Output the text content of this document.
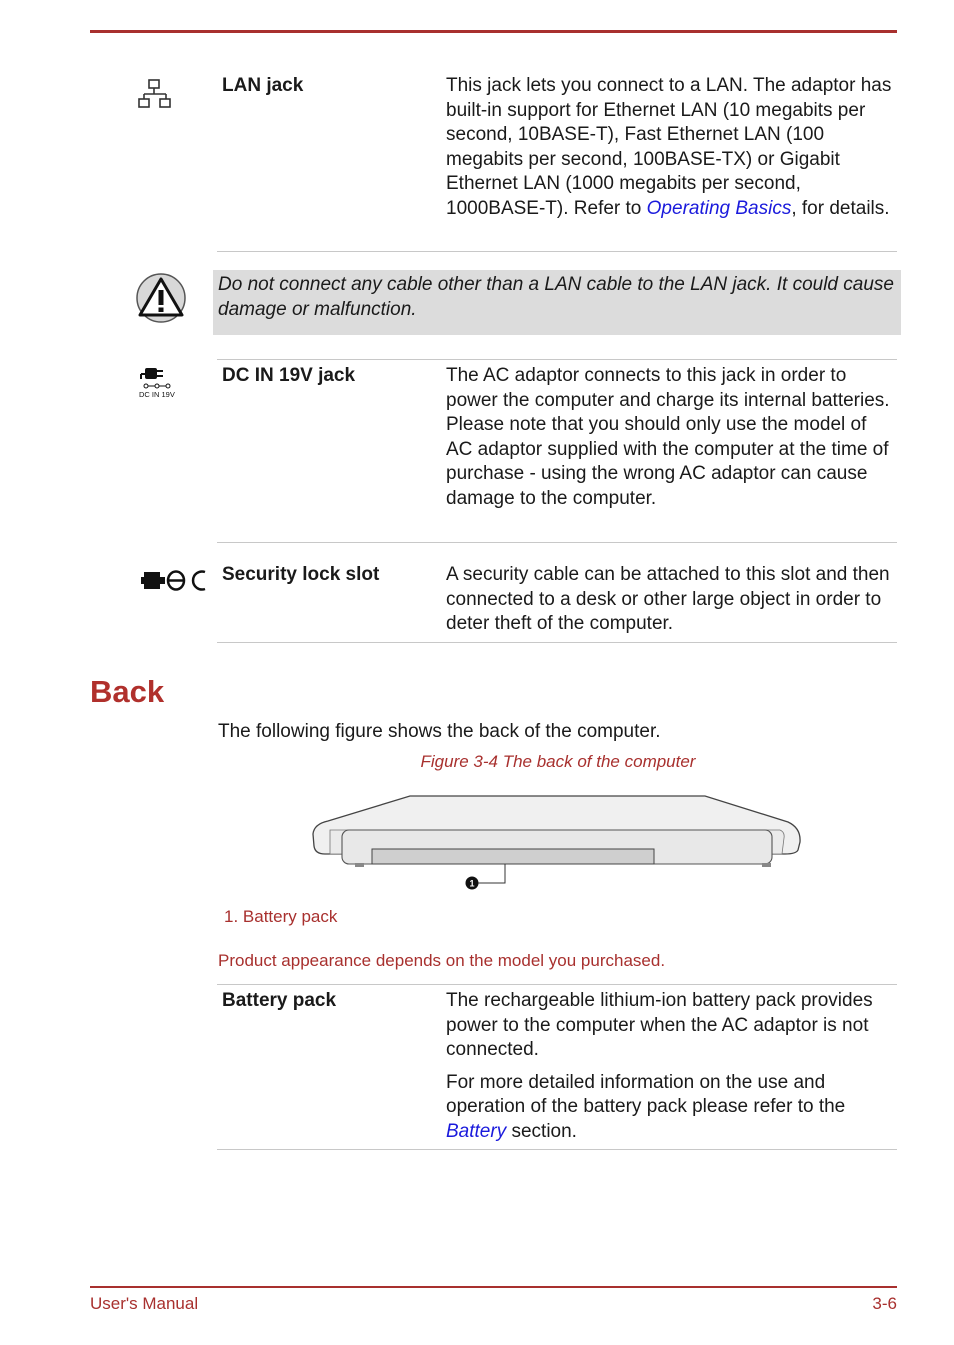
LAN jack	This jack lets you connect to a LAN. The adaptor has built-in support for Ethernet LAN (10 megabits per second, 10BASE-T), Fast Ethernet LAN (100 megabits per second, 100BASE-TX) or Gigabit Ethernet LAN (1000 megabits per second, 1000BASE-T). Refer to Operating Basics, for details.
Do not connect any cable other than a LAN cable to the LAN jack. It could cause damage or malfunction.
DC IN 19V
DC IN 19V jack	The AC adaptor connects to this jack in order to power the computer and charge its internal batteries. Please note that you should only use the model of AC adaptor supplied with the computer at the time of purchase - using the wrong AC adaptor can cause damage to the computer.
Security lock slot	A security cable can be attached to this slot and then connected to a desk or other large object in order to deter theft of the computer.
Back
The following figure shows the back of the computer.
Figure 3-4 The back of the computer
1
1. Battery pack
Product appearance depends on the model you purchased.
Battery pack	The rechargeable lithium-ion battery pack provides power to the computer when the AC adaptor is not connected.

For more detailed information on the use and operation of the battery pack please refer to the Battery section.

User's Manual	3-6
